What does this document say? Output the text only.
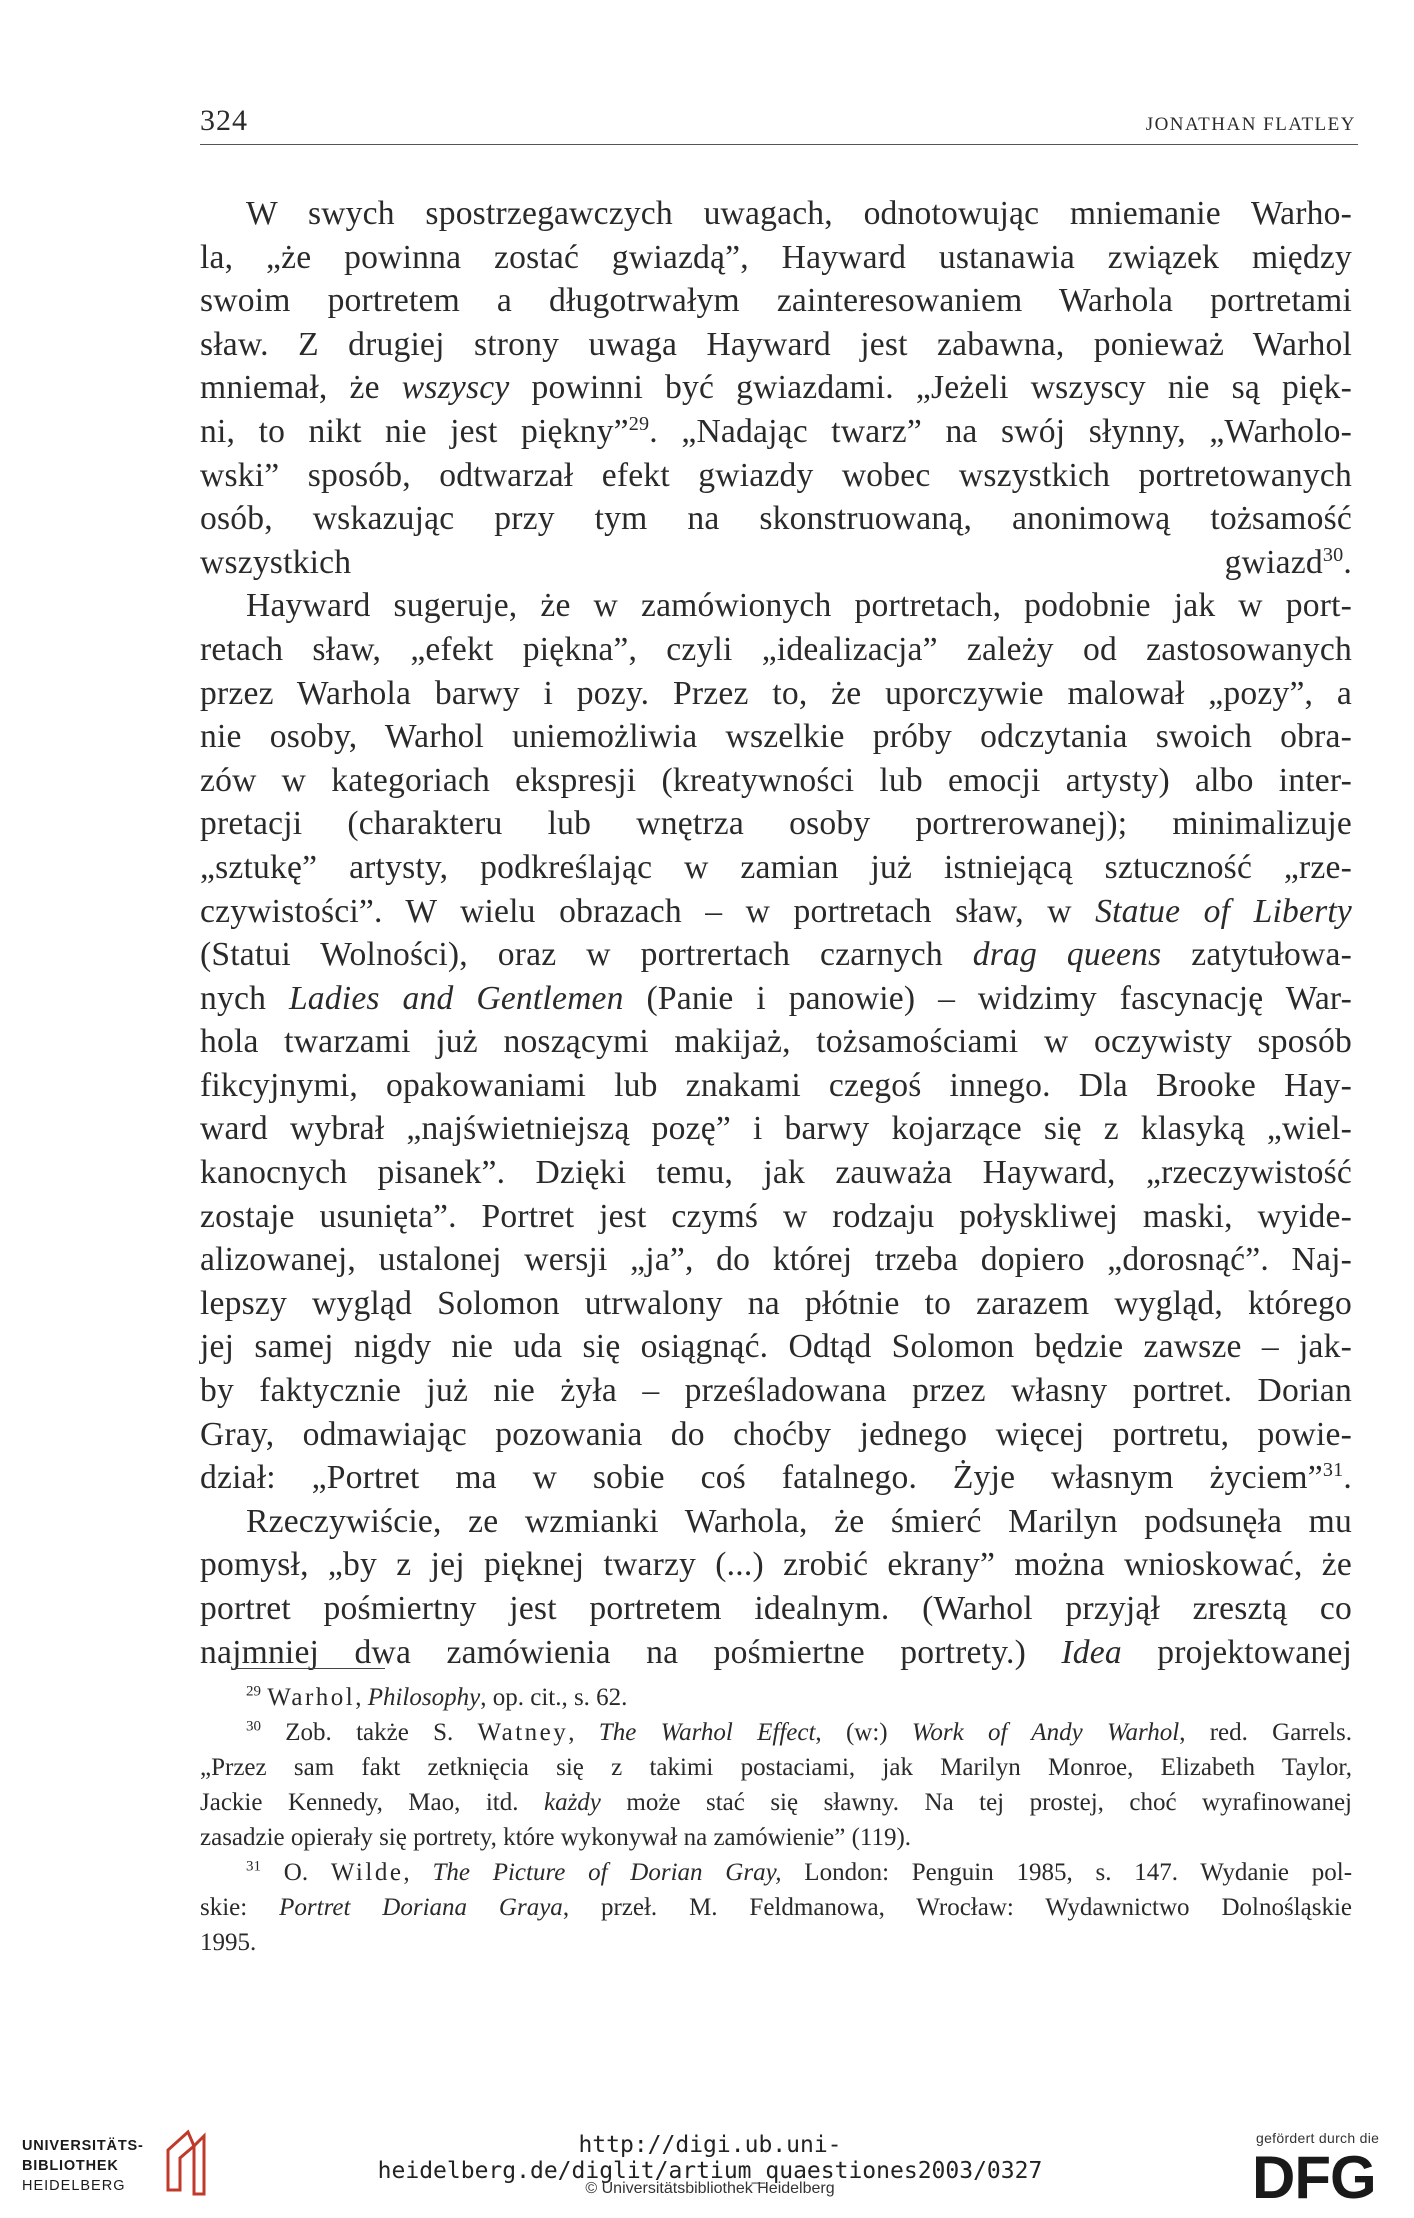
324	JONATHAN FLATLEY
W swych spostrzegawczych uwagach, odnotowując mniemanie Warho-
la, „że powinna zostać gwiazdą”, Hayward ustanawia związek między
swoim portretem a długotrwałym zainteresowaniem Warhola portretami
sław. Z drugiej strony uwaga Hayward jest zabawna, ponieważ Warhol
mniemał, że wszyscy powinni być gwiazdami. „Jeżeli wszyscy nie są pięk-
ni, to nikt nie jest piękny”$^{29}$. „Nadając twarz” na swój słynny, „Warholo-
wski” sposób, odtwarzał efekt gwiazdy wobec wszystkich portretowanych
osób, wskazując przy tym na skonstruowaną, anonimową tożsamość
wszystkich gwiazd$^{30}$.
Hayward sugeruje, że w zamówionych portretach, podobnie jak w port-
retach sław, „efekt piękna”, czyli „idealizacja” zależy od zastosowanych
przez Warhola barwy i pozy. Przez to, że uporczywie malował „pozy”, a
nie osoby, Warhol uniemożliwia wszelkie próby odczytania swoich obra-
zów w kategoriach ekspresji (kreatywności lub emocji artysty) albo inter-
pretacji (charakteru lub wnętrza osoby portrerowanej); minimalizuje
„sztukę” artysty, podkreślając w zamian już istniejącą sztuczność „rze-
czywistości”. W wielu obrazach – w portretach sław, w Statue of Liberty
(Statui Wolności), oraz w portrertach czarnych drag queens zatytułowa-
nych Ladies and Gentlemen (Panie i panowie) – widzimy fascynację War-
hola twarzami już noszącymi makijaż, tożsamościami w oczywisty sposób
fikcyjnymi, opakowaniami lub znakami czegoś innego. Dla Brooke Hay-
ward wybrał „najświetniejszą pozę” i barwy kojarzące się z klasyką „wiel-
kanocnych pisanek”. Dzięki temu, jak zauważa Hayward, „rzeczywistość
zostaje usunięta”. Portret jest czymś w rodzaju połyskliwej maski, wyide-
alizowanej, ustalonej wersji „ja”, do której trzeba dopiero „dorosnąć”. Naj-
lepszy wygląd Solomon utrwalony na płótnie to zarazem wygląd, którego
jej samej nigdy nie uda się osiągnąć. Odtąd Solomon będzie zawsze – jak-
by faktycznie już nie żyła – prześladowana przez własny portret. Dorian
Gray, odmawiając pozowania do choćby jednego więcej portretu, powie-
dział: „Portret ma w sobie coś fatalnego. Żyje własnym życiem”$^{31}$.
Rzeczywiście, ze wzmianki Warhola, że śmierć Marilyn podsunęła mu
pomysł, „by z jej pięknej twarzy (...) zrobić ekrany” można wnioskować, że
portret pośmiertny jest portretem idealnym. (Warhol przyjął zresztą co
najmniej dwa zamówienia na pośmiertne portrety.) Idea projektowanej
$^{29}$ Warhol, Philosophy, op. cit., s. 62.
$^{30}$ Zob. także S. Watney, The Warhol Effect, (w:) Work of Andy Warhol, red. Garrels.
„Przez sam fakt zetknięcia się z takimi postaciami, jak Marilyn Monroe, Elizabeth Taylor,
Jackie Kennedy, Mao, itd. każdy może stać się sławny. Na tej prostej, choć wyrafinowanej
zasadzie opierały się portrety, które wykonywał na zamówienie” (119).
$^{31}$ O. Wilde, The Picture of Dorian Gray, London: Penguin 1985, s. 147. Wydanie pol-
skie: Portret Doriana Graya, przeł. M. Feldmanowa, Wrocław: Wydawnictwo Dolnośląskie
1995.
UNIVERSITÄTS-
BIBLIOTHEK
HEIDELBERG
http://digi.ub.uni-heidelberg.de/diglit/artium_quaestiones2003/0327
© Universitätsbibliothek Heidelberg
gefördert durch die
DFG
